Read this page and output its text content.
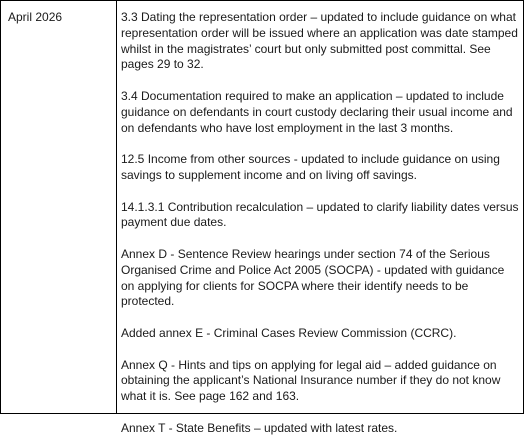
April 2026	3.3 Dating the representation order – updated to include guidance on what representation order will be issued where an application was date stamped whilst in the magistrates’ court but only submitted post committal. See pages 29 to 32.

3.4 Documentation required to make an application – updated to include guidance on defendants in court custody declaring their usual income and on defendants who have lost employment in the last 3 months.

12.5 Income from other sources - updated to include guidance on using savings to supplement income and on living off savings.

14.1.3.1 Contribution recalculation – updated to clarify liability dates versus payment due dates.

Annex D - Sentence Review hearings under section 74 of the Serious Organised Crime and Police Act 2005 (SOCPA) - updated with guidance on applying for clients for SOCPA where their identify needs to be protected.

Added annex E - Criminal Cases Review Commission (CCRC).

Annex Q - Hints and tips on applying for legal aid – added guidance on obtaining the applicant’s National Insurance number if they do not know what it is. See page 162 and 163.

Annex T - State Benefits – updated with latest rates.
